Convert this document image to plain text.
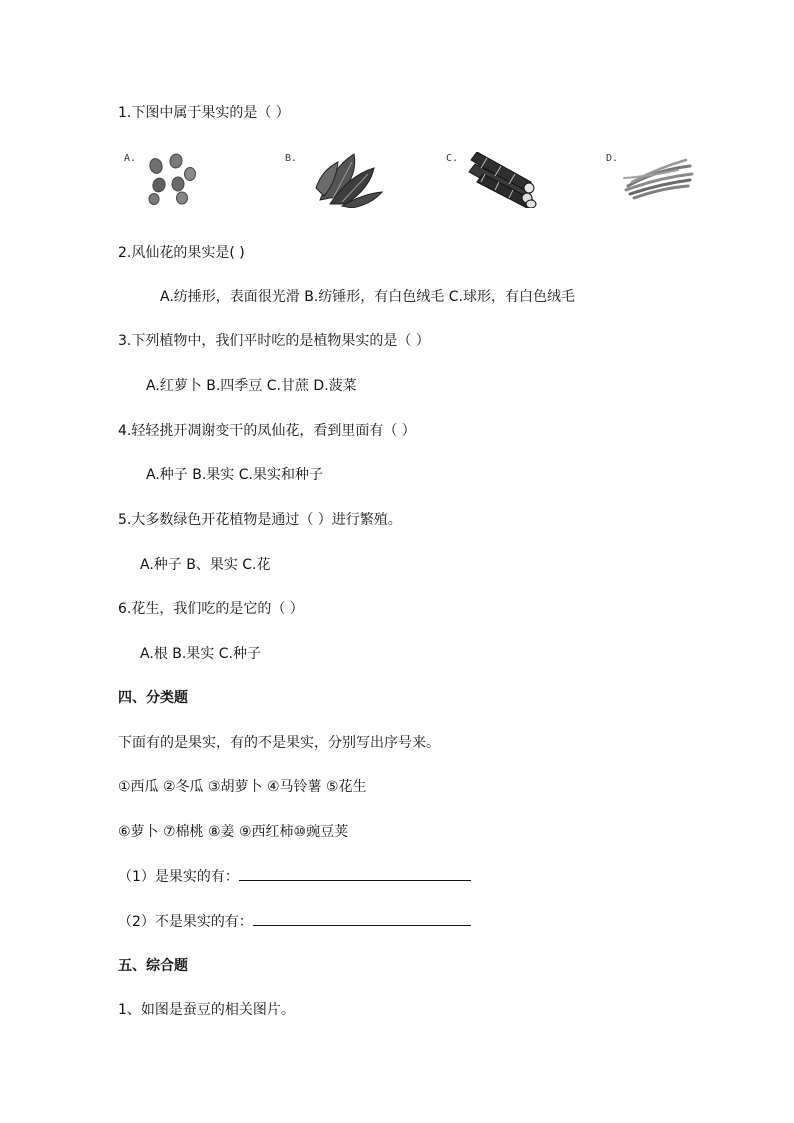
1.下图中属于果实的是（ ）
A.	B.	C.	D.
2.风仙花的果实是( )
A.纺捶形，表面很光滑 B.纺锤形，有白色绒毛 C.球形，有白色绒毛
3.下列植物中，我们平时吃的是植物果实的是（ ）
A.红萝卜 B.四季豆 C.甘蔗 D.菠菜
4.轻轻挑开凋谢变干的凤仙花，看到里面有（ ）
A.种子 B.果实 C.果实和种子
5.大多数绿色开花植物是通过（ ）进行繁殖。
A.种子 B、果实 C.花
6.花生，我们吃的是它的（ ）
A.根 B.果实 C.种子
四、分类题
下面有的是果实，有的不是果实，分别写出序号来。
①西瓜 ②冬瓜 ③胡萝卜 ④马铃薯 ⑤花生
⑥萝卜 ⑦棉桃 ⑧姜 ⑨西红柿⑩豌豆荚
（1）是果实的有：
（2）不是果实的有：
五、综合题
1、如图是蚕豆的相关图片。
